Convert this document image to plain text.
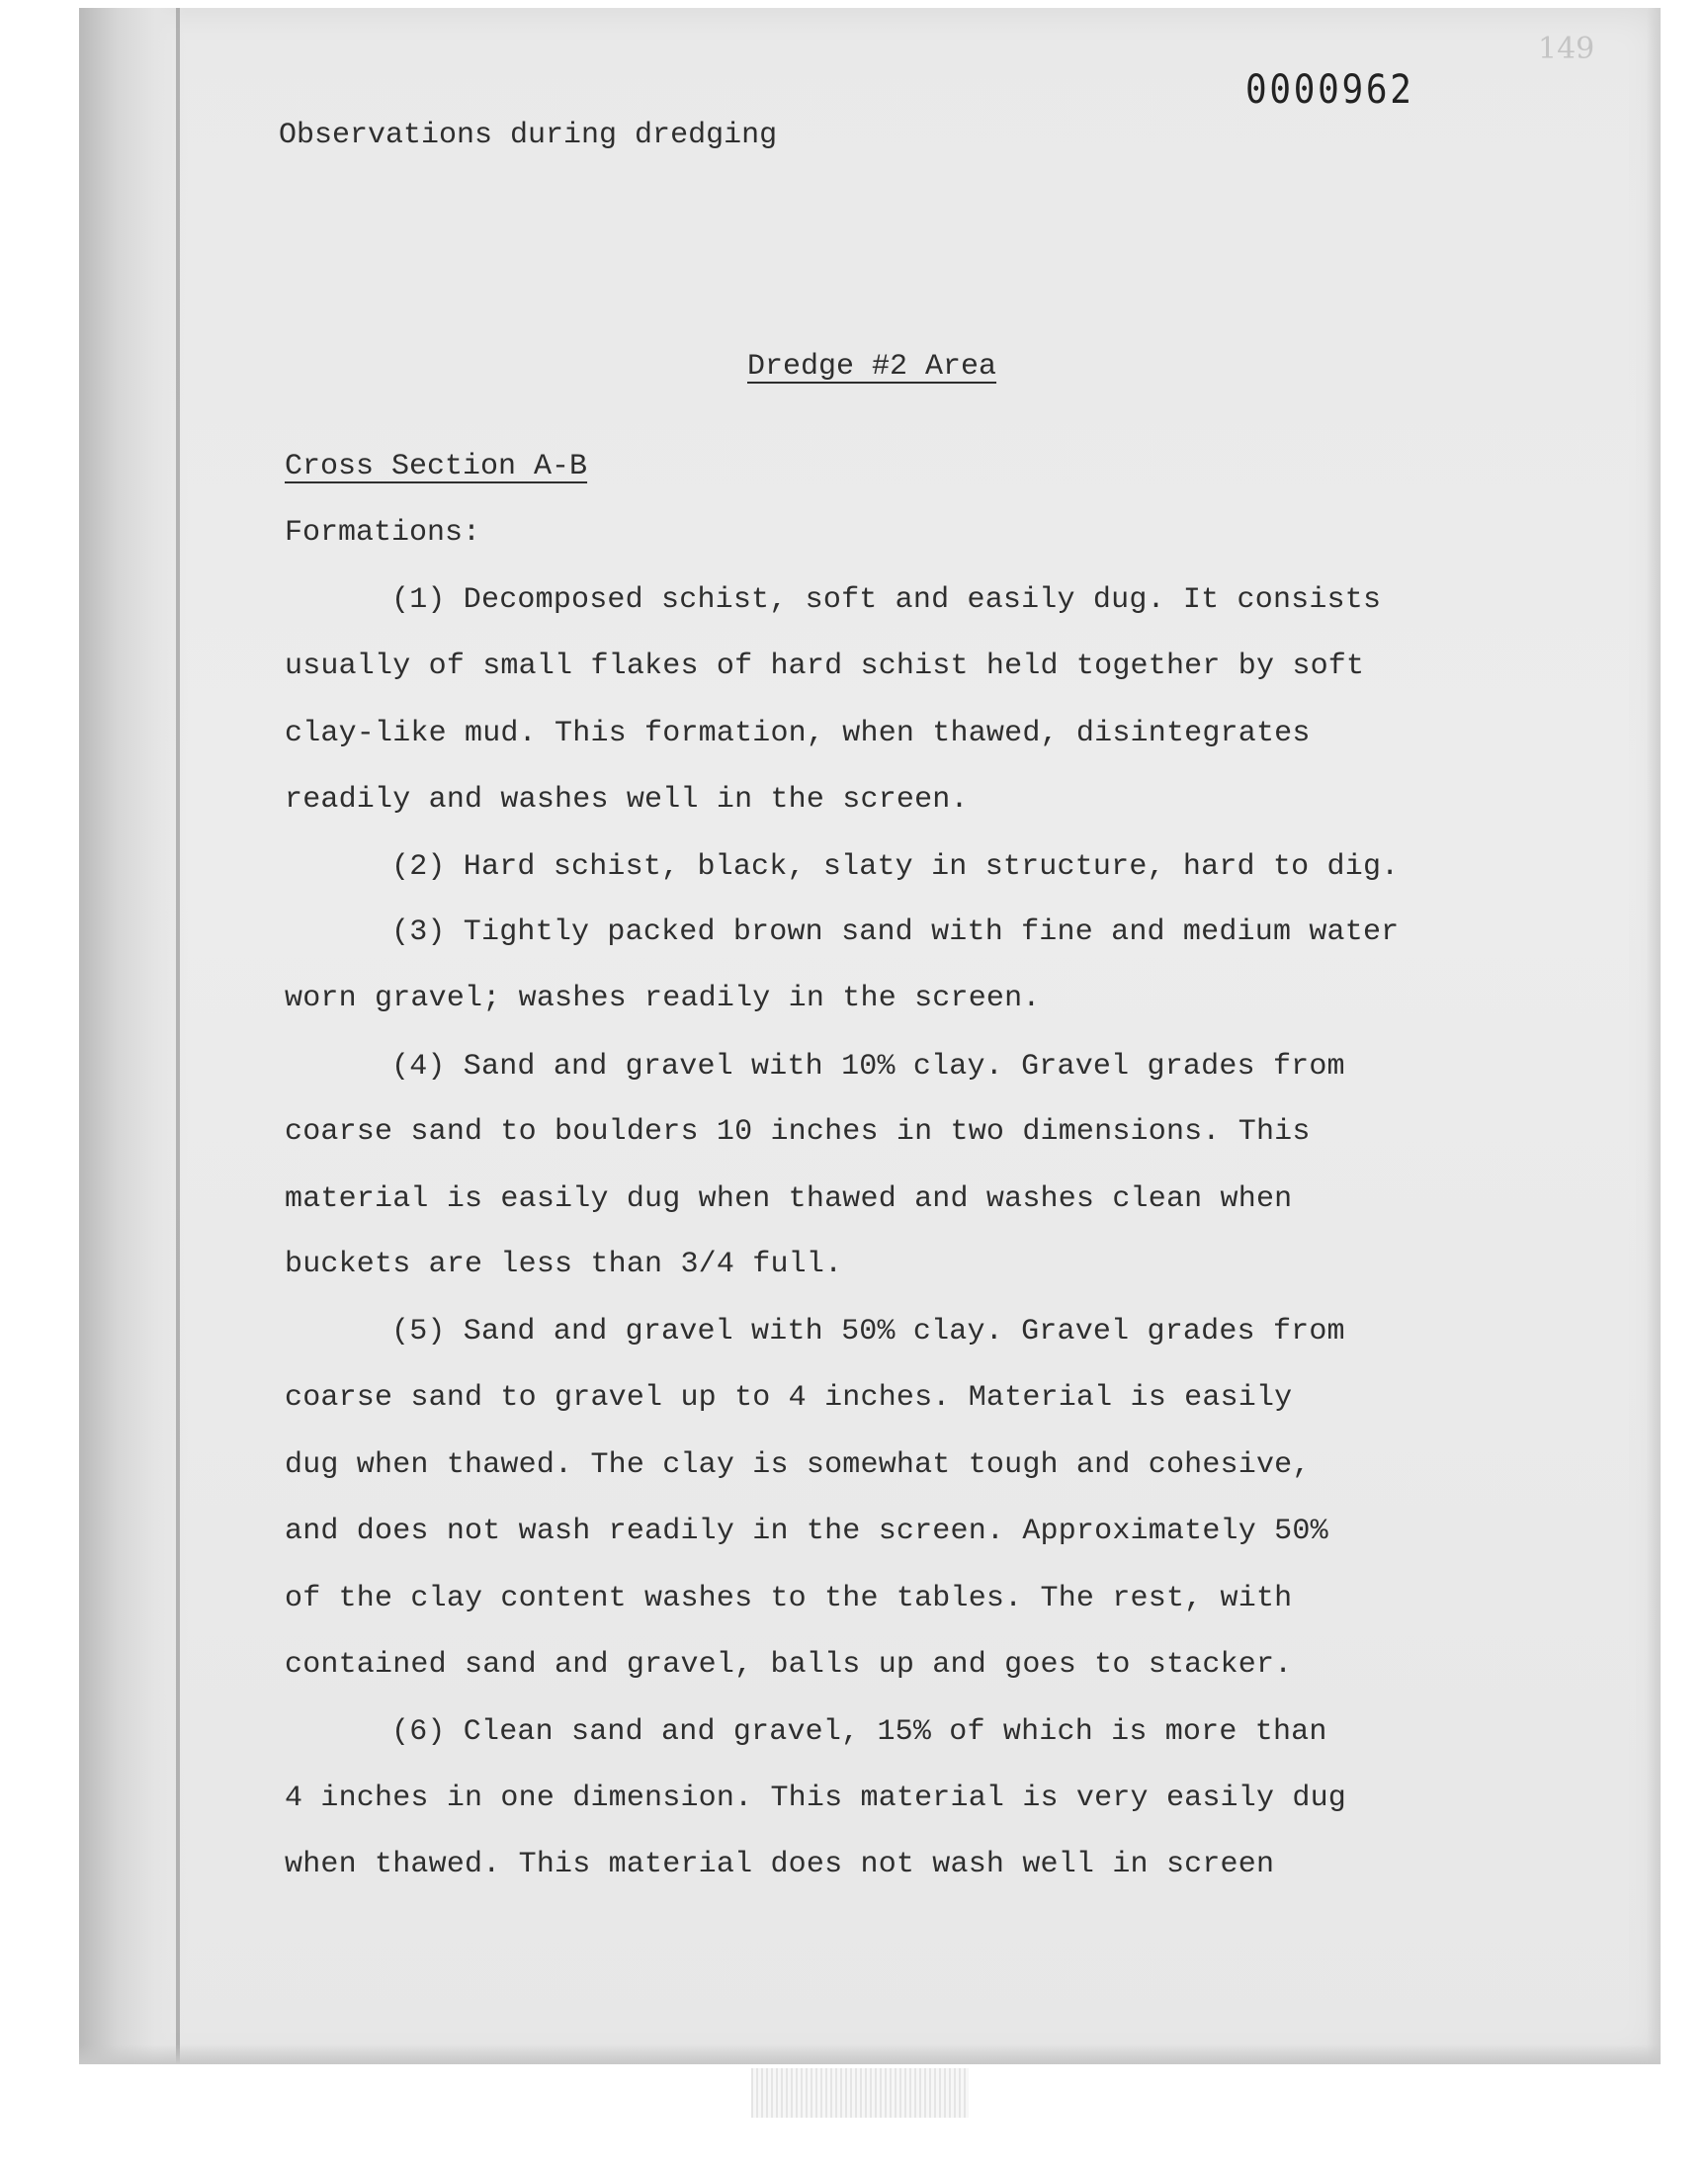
149
0000962
Observations during dredging
Dredge #2 Area
Cross Section A-B
Formations:
(1) Decomposed schist, soft and easily dug. It consists
usually of small flakes of hard schist held together by soft
clay-like mud. This formation, when thawed, disintegrates
readily and washes well in the screen.
(2) Hard schist, black, slaty in structure, hard to dig.
(3) Tightly packed brown sand with fine and medium water
worn gravel; washes readily in the screen.
(4) Sand and gravel with 10% clay. Gravel grades from
coarse sand to boulders 10 inches in two dimensions. This
material is easily dug when thawed and washes clean when
buckets are less than 3/4 full.
(5) Sand and gravel with 50% clay. Gravel grades from
coarse sand to gravel up to 4 inches. Material is easily
dug when thawed. The clay is somewhat tough and cohesive,
and does not wash readily in the screen. Approximately 50%
of the clay content washes to the tables. The rest, with
contained sand and gravel, balls up and goes to stacker.
(6) Clean sand and gravel, 15% of which is more than
4 inches in one dimension. This material is very easily dug
when thawed. This material does not wash well in screen
